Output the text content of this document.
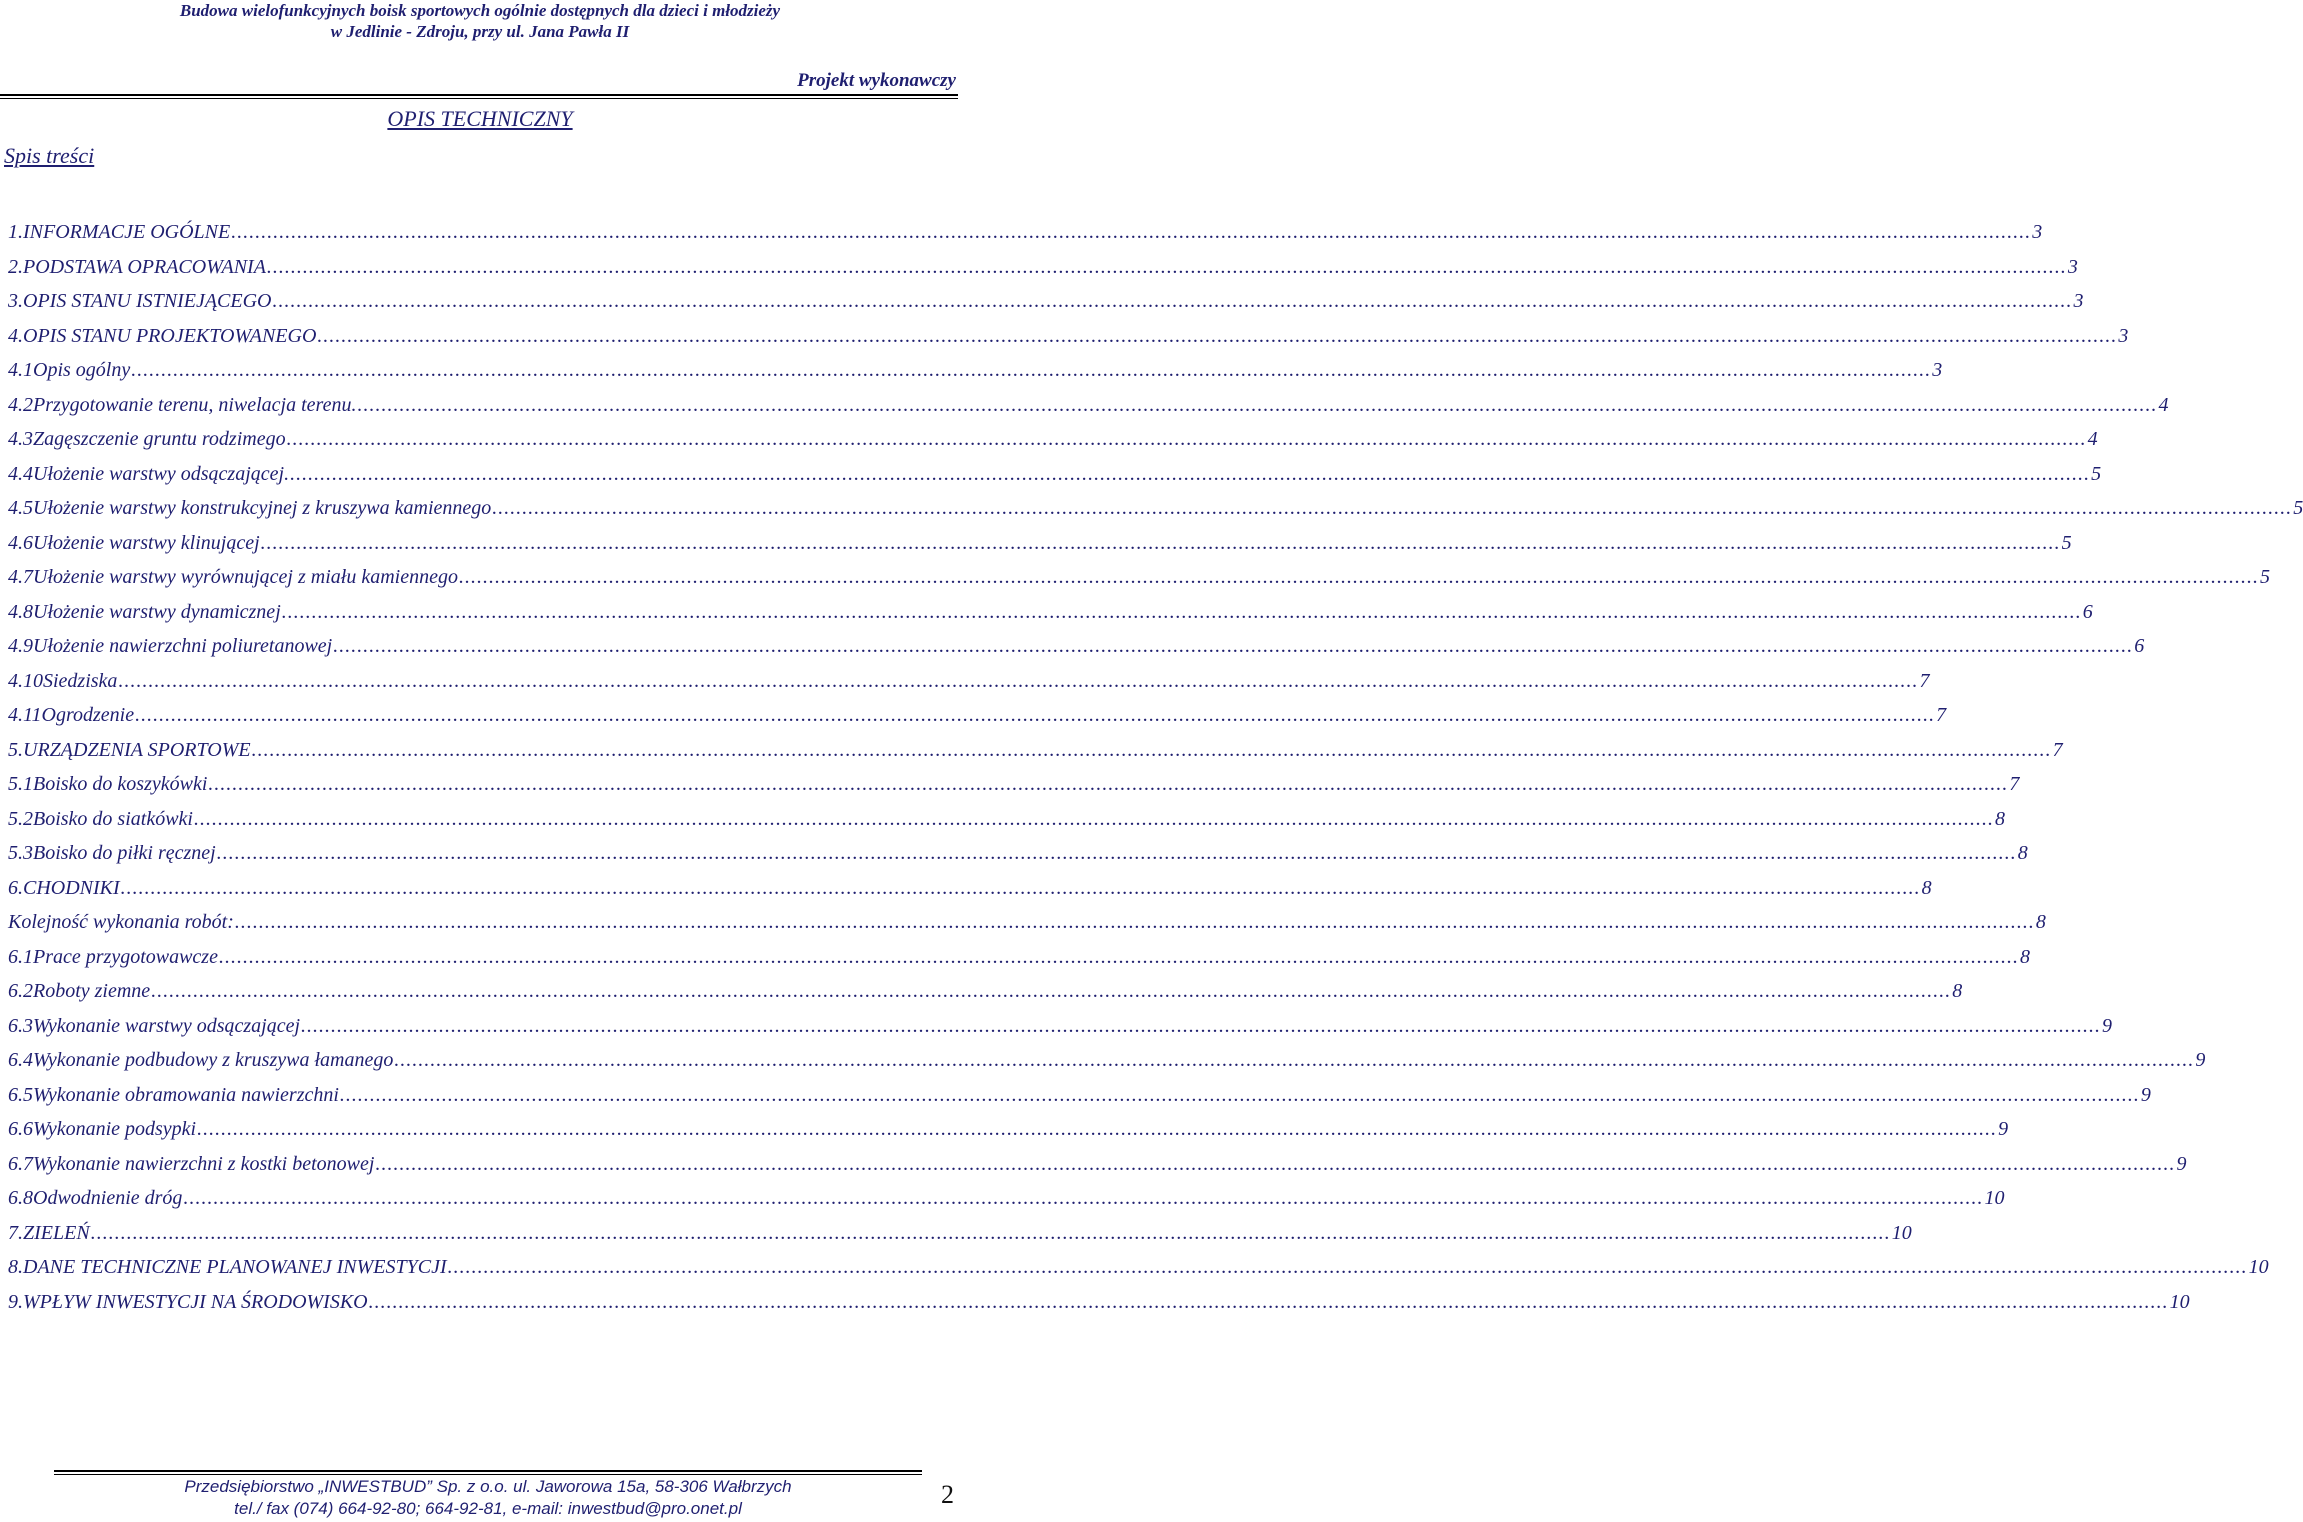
Budowa wielofunkcyjnych boisk sportowych ogólnie dostępnych dla dzieci i młodzieży
w Jedlinie - Zdroju, przy ul. Jana Pawła II
Projekt wykonawczy
OPIS TECHNICZNY
Spis treści
1. INFORMACJE OGÓLNE ............................................................................................................................................................................................................................................................................................................ 3
2. PODSTAWA OPRACOWANIA ............................................................................................................................................................................................................................................................................................................ 3
3. OPIS STANU ISTNIEJĄCEGO ............................................................................................................................................................................................................................................................................................................ 3
4. OPIS STANU PROJEKTOWANEGO ............................................................................................................................................................................................................................................................................................................ 3
4.1 Opis ogólny ............................................................................................................................................................................................................................................................................................................ 3
4.2 Przygotowanie terenu, niwelacja terenu. ............................................................................................................................................................................................................................................................................................................ 4
4.3 Zagęszczenie gruntu rodzimego ............................................................................................................................................................................................................................................................................................................ 4
4.4 Ułożenie warstwy odsączającej. ............................................................................................................................................................................................................................................................................................................ 5
4.5 Ułożenie warstwy konstrukcyjnej z kruszywa kamiennego ............................................................................................................................................................................................................................................................................................................ 5
4.6 Ułożenie warstwy klinującej ............................................................................................................................................................................................................................................................................................................ 5
4.7 Ułożenie warstwy wyrównującej z miału kamiennego ............................................................................................................................................................................................................................................................................................................ 5
4.8 Ułożenie warstwy dynamicznej ............................................................................................................................................................................................................................................................................................................ 6
4.9 Ułożenie nawierzchni poliuretanowej ............................................................................................................................................................................................................................................................................................................ 6
4.10 Siedziska ............................................................................................................................................................................................................................................................................................................ 7
4.11 Ogrodzenie ............................................................................................................................................................................................................................................................................................................ 7
5. URZĄDZENIA SPORTOWE ............................................................................................................................................................................................................................................................................................................ 7
5.1 Boisko do koszykówki ............................................................................................................................................................................................................................................................................................................ 7
5.2 Boisko do siatkówki ............................................................................................................................................................................................................................................................................................................ 8
5.3 Boisko do piłki ręcznej ............................................................................................................................................................................................................................................................................................................ 8
6. CHODNIKI ............................................................................................................................................................................................................................................................................................................ 8
Kolejność wykonania robót: ............................................................................................................................................................................................................................................................................................................ 8
6.1 Prace przygotowawcze ............................................................................................................................................................................................................................................................................................................ 8
6.2 Roboty ziemne ............................................................................................................................................................................................................................................................................................................ 8
6.3 Wykonanie warstwy odsączającej ............................................................................................................................................................................................................................................................................................................ 9
6.4 Wykonanie podbudowy z kruszywa łamanego ............................................................................................................................................................................................................................................................................................................ 9
6.5 Wykonanie obramowania nawierzchni ............................................................................................................................................................................................................................................................................................................ 9
6.6 Wykonanie podsypki ............................................................................................................................................................................................................................................................................................................ 9
6.7 Wykonanie nawierzchni z kostki betonowej ............................................................................................................................................................................................................................................................................................................ 9
6.8 Odwodnienie dróg ............................................................................................................................................................................................................................................................................................................ 10
7. ZIELEŃ ............................................................................................................................................................................................................................................................................................................ 10
8. DANE TECHNICZNE PLANOWANEJ INWESTYCJI ............................................................................................................................................................................................................................................................................................................ 10
9. WPŁYW INWESTYCJI NA ŚRODOWISKO ............................................................................................................................................................................................................................................................................................................ 10
Przedsiębiorstwo „INWESTBUD” Sp. z o.o. ul. Jaworowa 15a, 58-306 Wałbrzych
tel./ fax (074) 664-92-80; 664-92-81, e-mail: inwestbud@pro.onet.pl	2
